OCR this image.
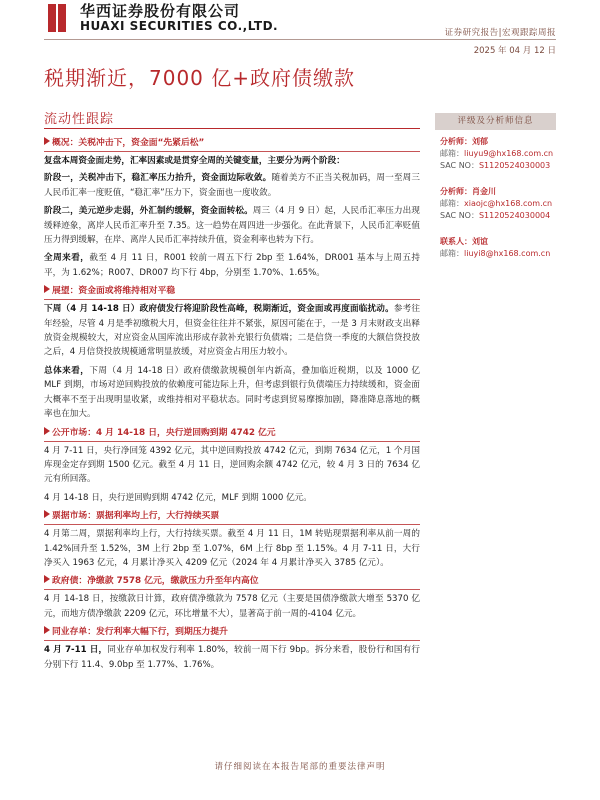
华西证券股份有限公司
HUAXI SECURITIES CO.,LTD.	证券研究报告|宏观跟踪周报
2025 年 04 月 12 日
税期渐近，7000 亿+政府债缴款
流动性跟踪
概况：关税冲击下，资金面“先紧后松”
复盘本周资金面走势，汇率因素或是贯穿全周的关键变量，主要分为两个阶段：
阶段一，关税冲击下，稳汇率压力抬升，资金面边际收敛。随着美方不正当关税加码，周一至周三人民币汇率一度贬值，“稳汇率”压力下，资金面也一度收敛。
阶段二，美元逆步走弱，外汇制约缓解，资金面转松。周三（4 月 9 日）起，人民币汇率压力出现缓释迹象，离岸人民币汇率升至 7.35。这一趋势在周四进一步强化。在此背景下，人民币汇率贬值压力得到缓解，在岸、离岸人民币汇率持续升值，资金利率也转为下行。
全周来看，截至 4 月 11 日，R001 较前一周五下行 2bp 至 1.64%，DR001 基本与上周五持平，为 1.62%；R007、DR007 均下行 4bp，分别至 1.70%、1.65%。
展望：资金面或将维持相对平稳
下周（4 月 14-18 日）政府债发行将迎阶段性高峰，税期渐近，资金面或再度面临扰动。参考往年经验，尽管 4 月是季初缴税大月，但资金往往并不紧张，原因可能在于，一是 3 月末财政支出释放资金规模较大，对应资金从国库流出形成存款补充银行负债端；二是信贷一季度的大额信贷投放之后，4 月信贷投放规模通常明显放缓，对应资金占用压力较小。
总体来看，下周（4 月 14-18 日）政府债缴款规模创年内新高，叠加临近税期，以及 1000 亿 MLF 到期，市场对逆回购投放的依赖度可能边际上升，但考虑到银行负债端压力持续缓和，资金面大概率不至于出现明显收紧，或维持相对平稳状态。同时考虑到贸易摩擦加剧，降准降息落地的概率也在加大。
公开市场：4 月 14-18 日，央行逆回购到期 4742 亿元
4 月 7-11 日，央行净回笼 4392 亿元，其中逆回购投放 4742 亿元，到期 7634 亿元，1 个月国库现金定存到期 1500 亿元。截至 4 月 11 日，逆回购余额 4742 亿元，较 4 月 3 日的 7634 亿元有所回落。
4 月 14-18 日，央行逆回购到期 4742 亿元，MLF 到期 1000 亿元。
票据市场：票据利率均上行，大行持续买票
4 月第二周，票据利率均上行，大行持续买票。截至 4 月 11 日，1M 转贴现票据利率从前一周的 1.42%回升至 1.52%，3M 上行 2bp 至 1.07%，6M 上行 8bp 至 1.15%。4 月 7-11 日，大行净买入 1963 亿元，4 月累计净买入 4209 亿元（2024 年 4 月累计净买入 3785 亿元）。
政府债：净缴款 7578 亿元，缴款压力升至年内高位
4 月 14-18 日，按缴款日计算，政府债净缴款为 7578 亿元（主要是国债净缴款大增至 5370 亿元，而地方债净缴款 2209 亿元，环比增量不大），显著高于前一周的-4104 亿元。
同业存单：发行利率大幅下行，到期压力提升
4 月 7-11 日，同业存单加权发行利率 1.80%，较前一周下行 9bp。拆分来看，股份行和国有行分别下行 11.4、9.0bp 至 1.77%、1.76%。
评级及分析师信息
分析师：刘郁
邮箱：liuyu9@hx168.com.cn
SAC NO：S1120524030003
分析师：肖金川
邮箱：xiaojc@hx168.com.cn
SAC NO：S1120524030004
联系人：刘谊
邮箱：liuyi8@hx168.com.cn
请仔细阅读在本报告尾部的重要法律声明
